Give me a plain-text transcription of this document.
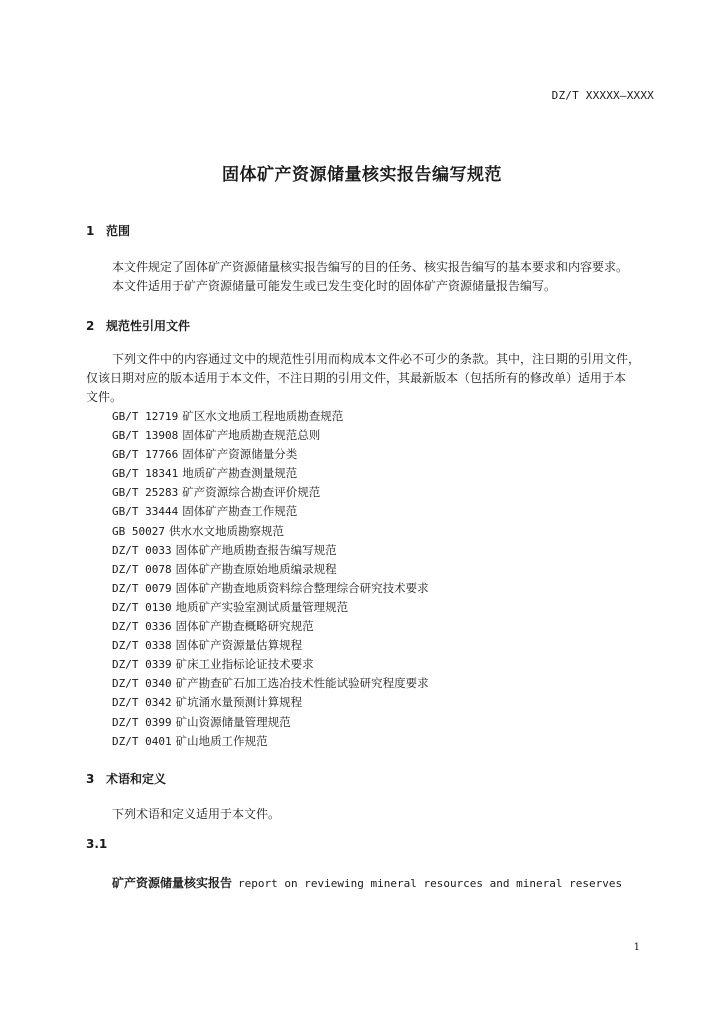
DZ/T XXXXX—XXXX
固体矿产资源储量核实报告编写规范
1 范围
本文件规定了固体矿产资源储量核实报告编写的目的任务、核实报告编写的基本要求和内容要求。
本文件适用于矿产资源储量可能发生或已发生变化时的固体矿产资源储量报告编写。
2 规范性引用文件
下列文件中的内容通过文中的规范性引用而构成本文件必不可少的条款。其中，注日期的引用文件，
仅该日期对应的版本适用于本文件，不注日期的引用文件，其最新版本（包括所有的修改单）适用于本
文件。
GB/T 12719 矿区水文地质工程地质勘查规范
GB/T 13908 固体矿产地质勘查规范总则
GB/T 17766 固体矿产资源储量分类
GB/T 18341 地质矿产勘查测量规范
GB/T 25283 矿产资源综合勘查评价规范
GB/T 33444 固体矿产勘查工作规范
GB 50027 供水水文地质勘察规范
DZ/T 0033 固体矿产地质勘查报告编写规范
DZ/T 0078 固体矿产勘查原始地质编录规程
DZ/T 0079 固体矿产勘查地质资料综合整理综合研究技术要求
DZ/T 0130 地质矿产实验室测试质量管理规范
DZ/T 0336 固体矿产勘查概略研究规范
DZ/T 0338 固体矿产资源量估算规程
DZ/T 0339 矿床工业指标论证技术要求
DZ/T 0340 矿产勘查矿石加工选冶技术性能试验研究程度要求
DZ/T 0342 矿坑涌水量预测计算规程
DZ/T 0399 矿山资源储量管理规范
DZ/T 0401 矿山地质工作规范
3 术语和定义
下列术语和定义适用于本文件。
3.1
矿产资源储量核实报告 report on reviewing mineral resources and mineral reserves
1
